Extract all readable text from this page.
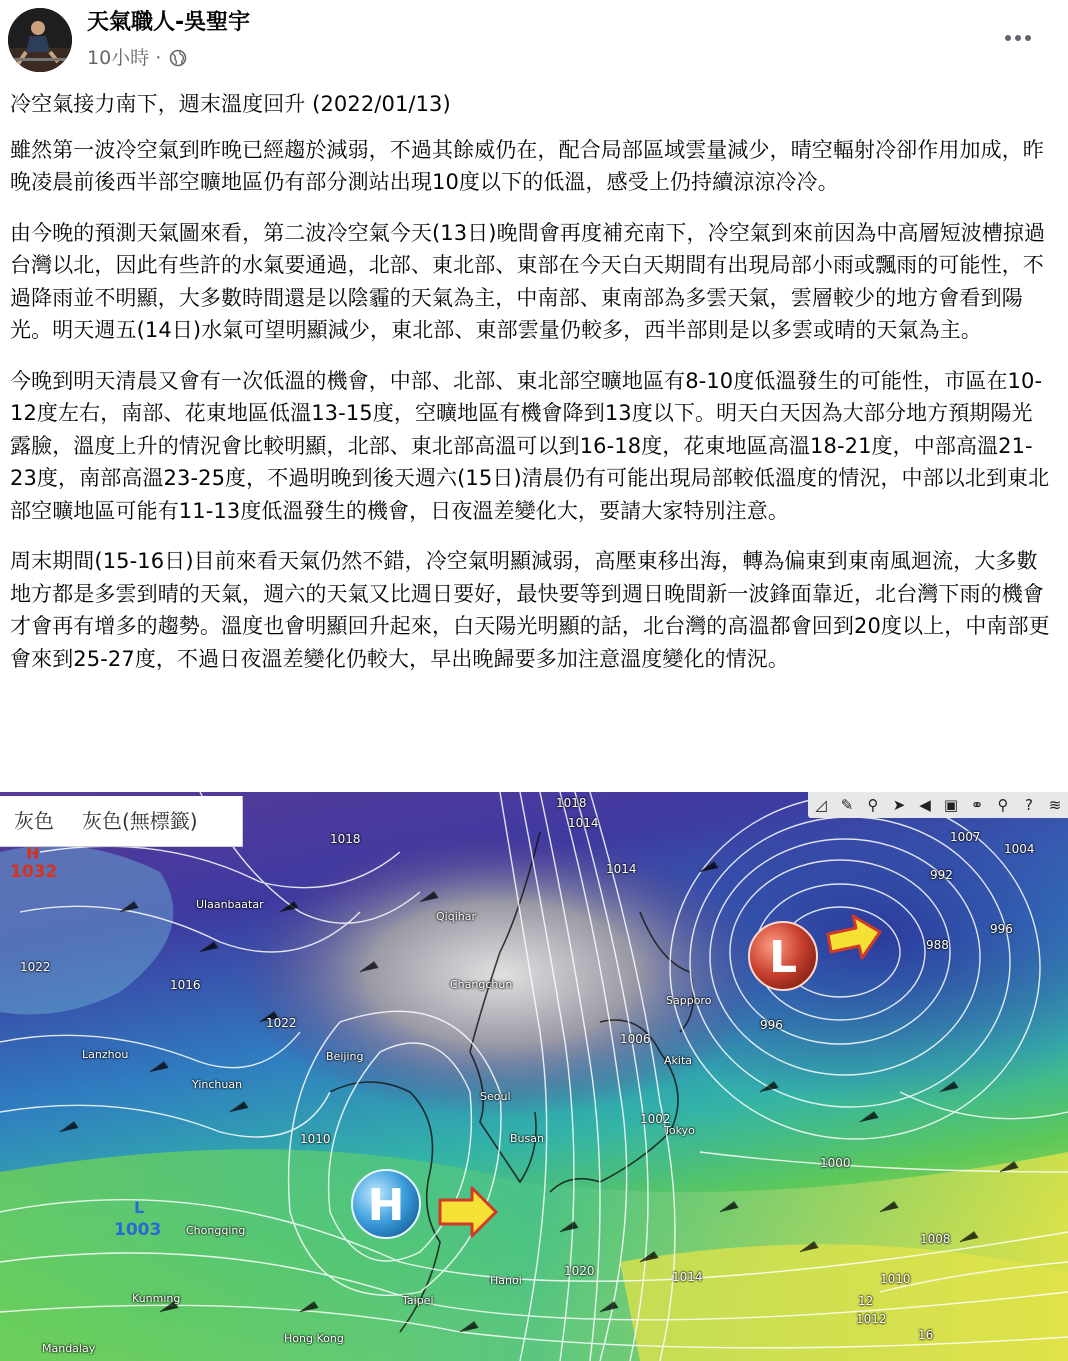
天氣職人-吳聖宇
10小時 ·

冷空氣接力南下，週末溫度回升 (2022/01/13)

雖然第一波冷空氣到昨晚已經趨於減弱，不過其餘威仍在，配合局部區域雲量減少，晴空輻射冷卻作用加成，昨晚凌晨前後西半部空曠地區仍有部分測站出現10度以下的低溫，感受上仍持續涼涼冷冷。

由今晚的預測天氣圖來看，第二波冷空氣今天(13日)晚間會再度補充南下，冷空氣到來前因為中高層短波槽掠過台灣以北，因此有些許的水氣要通過，北部、東北部、東部在今天白天期間有出現局部小雨或飄雨的可能性，不過降雨並不明顯，大多數時間還是以陰霾的天氣為主，中南部、東南部為多雲天氣，雲層較少的地方會看到陽光。明天週五(14日)水氣可望明顯減少，東北部、東部雲量仍較多，西半部則是以多雲或晴的天氣為主。

今晚到明天清晨又會有一次低溫的機會，中部、北部、東北部空曠地區有8-10度低溫發生的可能性，市區在10-12度左右，南部、花東地區低溫13-15度，空曠地區有機會降到13度以下。明天白天因為大部分地方預期陽光露臉，溫度上升的情況會比較明顯，北部、東北部高溫可以到16-18度，花東地區高溫18-21度，中部高溫21-23度，南部高溫23-25度，不過明晚到後天週六(15日)清晨仍有可能出現局部較低溫度的情況，中部以北到東北部空曠地區可能有11-13度低溫發生的機會，日夜溫差變化大，要請大家特別注意。

周末期間(15-16日)目前來看天氣仍然不錯，冷空氣明顯減弱，高壓東移出海，轉為偏東到東南風迴流，大多數地方都是多雲到晴的天氣，週六的天氣又比週日要好，最快要等到週日晚間新一波鋒面靠近，北台灣下雨的機會才會再有增多的趨勢。溫度也會明顯回升起來，白天陽光明顯的話，北台灣的高溫都會回到20度以上，中南部更會來到25-27度，不過日夜溫差變化仍較大，早出晚歸要多加注意溫度變化的情況。

H
L
灰色	灰色(無標籤)
◿ ✎ ⚲ ➤ ◀ ▣ ⚭ ⚲	?	≋
H
1032
L
1003
1018
1014
1018
1022
1016
1022
1010
1014
1006
1002
996
1007
1004
992
988
996
1000
1014
1012
1010
1008
1020
12
16
Qiqihar
Changchun
Sapporo
Beijing
Yinchuan
Seoul
Busan
Akita
Tokyo
Chongqing
Kunming	Taipei
Hong Kong
Mandalay
Hanoi
Ulaanbaatar
Lanzhou
